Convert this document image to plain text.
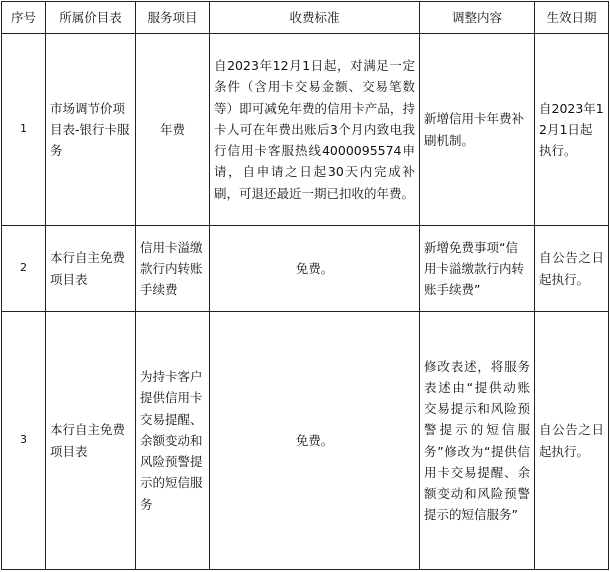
序号	所属价目表	服务项目	收费标准	调整内容	生效日期
1	市场调节价项目表-银行卡服务	年费	自2023年12月1日起，对满足一定条件（含用卡交易金额、交易笔数等）即可减免年费的信用卡产品，持卡人可在年费出账后3个月内致电我行信用卡客服热线4000095574申请，自申请之日起30天内完成补刷，可退还最近一期已扣收的年费。	新增信用卡年费补刷机制。	自2023年12月1日起执行。
2	本行自主免费项目表	信用卡溢缴款行内转账手续费	免费。	新增免费事项“信用卡溢缴款行内转账手续费”	自公告之日起执行。
3	本行自主免费项目表	为持卡客户提供信用卡交易提醒、余额变动和风险预警提示的短信服务	免费。	修改表述，将服务表述由“提供动账交易提示和风险预警提示的短信服务”修改为“提供信用卡交易提醒、余额变动和风险预警提示的短信服务”	自公告之日起执行。
